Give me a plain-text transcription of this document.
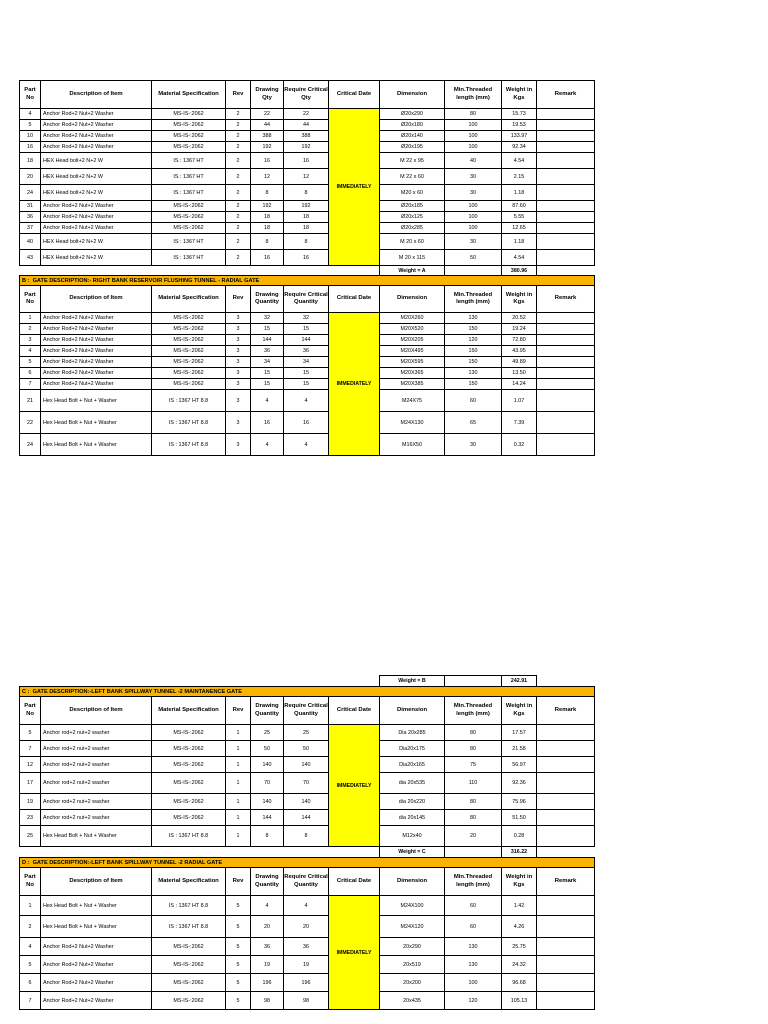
Part No	Description of Item	Material Specification	Rev	Drawing Qty	Require Critical Qty	Critical Date	Dimension	Min.Threaded length (mm)	Weight in Kgs	Remark
4	Anchor Rod+2 Nut+2 Washer	MS-IS-:2062	2	22	22	IMMEDIATELY	Ø20x290	80	15.73	
5	Anchor Rod+2 Nut+2 Washer	MS-IS-:2062	2	44	44		Ø20x180	100	19.53	
10	Anchor Rod+2 Nut+2 Washer	MS-IS-:2062	2	388	388		Ø20x140	100	133.97	
16	Anchor Rod+2 Nut+2 Washer	MS-IS-:2062	2	192	192		Ø20x195	100	92.34	
18	HEX Head bolt+2 N+2 W	IS : 1367 HT	2	16	16		M 22 x 95	40	4.54	
20	HEX Head bolt+2 N+2 W	IS : 1367 HT	2	12	12		M 22 x 60	30	2.15	
24	HEX Head bolt+2 N+2 W	IS : 1367 HT	2	8	8		M20 x 60	30	1.18	
31	Anchor Rod+2 Nut+2 Washer	MS-IS-:2062	2	192	192		Ø20x185	100	87.60	
36	Anchor Rod+2 Nut+2 Washer	MS-IS-:2062	2	18	18		Ø20x125	100	5.55	
37	Anchor Rod+2 Nut+2 Washer	MS-IS-:2062	2	18	18		Ø20x285	100	12.65	
40	HEX Head bolt+2 N+2 W	IS : 1367 HT	2	8	8		M 20 x 60	30	1.18	
43	HEX Head bolt+2 N+2 W	IS : 1367 HT	2	16	16		M 20 x 115	50	4.54	
							Weight = A		380.96	
B : GATE DESCRIPTION:- RIGHT BANK RESERVOIR FLUSHING TUNNEL - RADIAL GATE										
Part No	Description of Item	Material Specification	Rev	Drawing Quantity	Require Critical Quantity	Critical Date	Dimension	Min.Threaded length (mm)	Weight in Kgs	Remark
1	Anchor Rod+2 Nut+2 Washer	MS-IS-:2062	3	32	32	IMMEDIATELY	M20X260	130	20.52	
2	Anchor Rod+2 Nut+2 Washer	MS-IS-:2062	3	15	15		M20X520	150	19.24	
3	Anchor Rod+2 Nut+2 Washer	MS-IS-:2062	3	144	144		M20X205	120	72.80	
4	Anchor Rod+2 Nut+2 Washer	MS-IS-:2062	3	36	36		M20X495	150	43.95	
5	Anchor Rod+2 Nut+2 Washer	MS-IS-:2062	3	34	34		M20X595	150	49.89	
6	Anchor Rod+2 Nut+2 Washer	MS-IS-:2062	3	15	15		M20X365	130	13.50	
7	Anchor Rod+2 Nut+2 Washer	MS-IS-:2062	3	15	15		M20X385	150	14.24	
21	Hex Head Bolt + Nut + Washer	IS : 1367 HT 8.8	3	4	4		M24X75	60	1.07	
22	Hex Head Bolt + Nut + Washer	IS : 1367 HT 8.8	3	16	16		M24X130	65	7.39	
24	Hex Head Bolt + Nut + Washer	IS : 1367 HT 8.8	3	4	4		M16X50	30	0.32	
							Weight = B		242.91	
C : GATE DESCRIPTION:-LEFT BANK SPILLWAY TUNNEL -2 MAINTANENCE GATE										
Part No	Description of Item	Material Specification	Rev	Drawing Quantity	Require Critical Quantity	Critical Date	Dimension	Min.Threaded length (mm)	Weight in Kgs	Remark
5	Anchor rod+2 nut+2 washer	MS-IS-:2062	1	25	25	IMMEDIATELY	Dia 20x285	80	17.57	
7	Anchor rod+2 nut+2 washer	MS-IS-:2062	1	50	50		Dia20x175	80	21.58	
12	Anchor rod+2 nut+2 washer	MS-IS-:2062	1	140	140		Dia20x165	75	56.97	
17	Anchor rod+2 nut+2 washer	MS-IS-:2062	1	70	70		dia 20x535	110	92.36	
19	Anchor rod+2 nut+2 washer	MS-IS-:2062	1	140	140		dia 20x220	80	75.96	
23	Anchor rod+2 nut+2 washer	MS-IS-:2062	1	144	144		dia 20x145	80	51.50	
25	Hex Head Bolt + Nut + Washer	IS : 1367 HT 8.8	1	8	8		M12x40	20	0.28	
							Weight = C		316.22	
D : GATE DESCRIPTION:-LEFT BANK SPILLWAY TUNNEL -2 RADIAL GATE										
Part No	Description of Item	Material Specification	Rev	Drawing Quantity	Require Critical Quantity	Critical Date	Dimension	Min.Threaded length (mm)	Weight in Kgs	Remark
1	Hex Head Bolt + Nut + Washer	IS : 1367 HT 8.8	5	4	4	IMMEDIATELY	M24X100	60	1.42	
2	Hex Head Bolt + Nut + Washer	IS : 1367 HT 8.8	5	20	20		M24X120	60	4.26	
4	Anchor Rod+2 Nut+2 Washer	MS-IS-:2062	5	36	36		20x290	130	25.75	
5	Anchor Rod+2 Nut+2 Washer	MS-IS-:2062	5	19	19		20x519	130	24.32	
6	Anchor Rod+2 Nut+2 Washer	MS-IS-:2062	5	196	196		20x200	100	96.68	
7	Anchor Rod+2 Nut+2 Washer	MS-IS-:2062	5	98	98		20x435	120	105.13	
